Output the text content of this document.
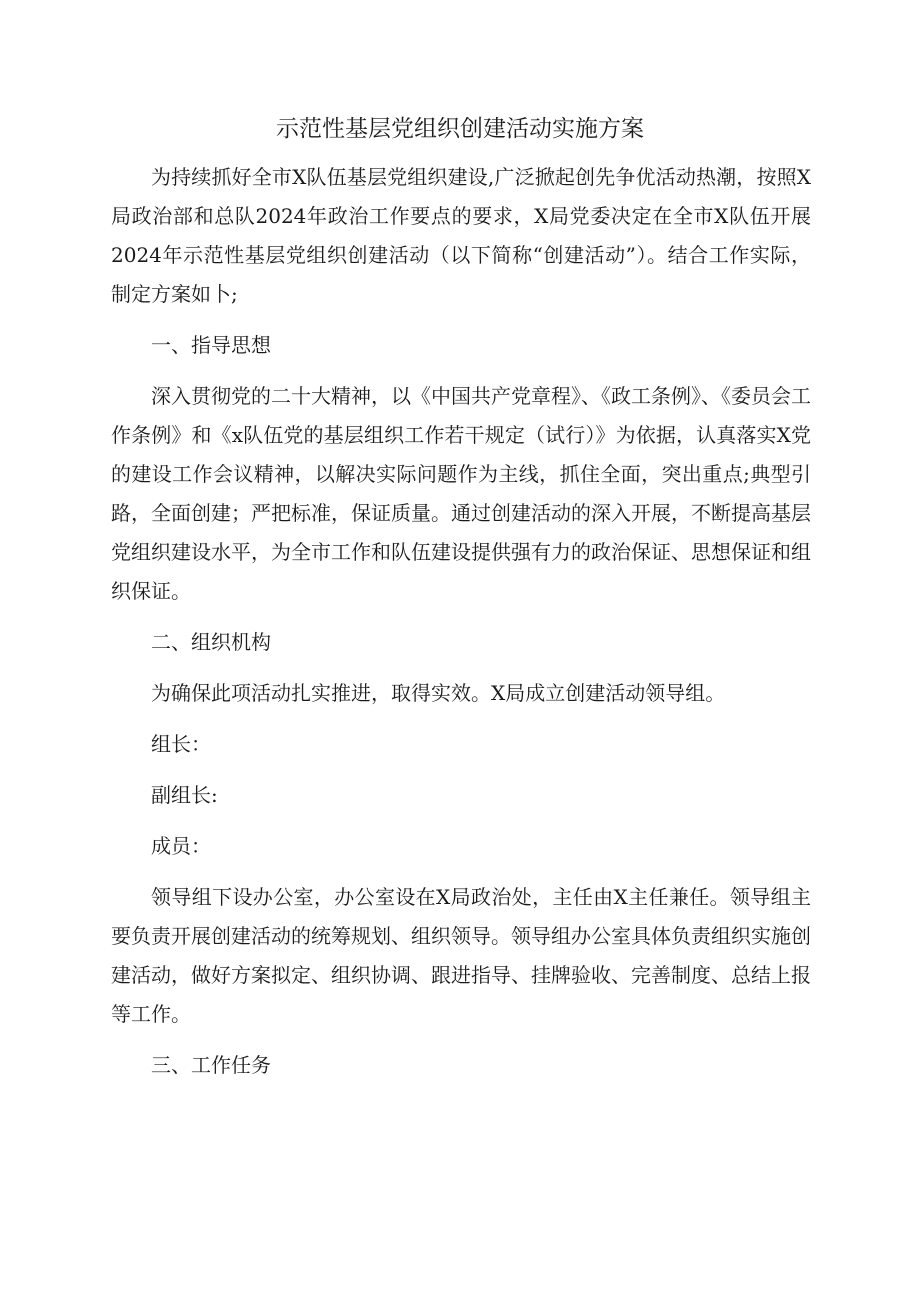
示范性基层党组织创建活动实施方案

为持续抓好全市X队伍基层党组织建设,广泛掀起创先争优活动热潮，按照X局政治部和总队2024年政治工作要点的要求，X局党委决定在全市X队伍开展2024年示范性基层党组织创建活动（以下简称“创建活动”）。结合工作实际，制定方案如卜;

一、指导思想

深入贯彻党的二十大精神，以《中国共产党章程》、《政工条例》、《委员会工作条例》和《x队伍党的基层组织工作若干规定（试行）》为依据，认真落实X党的建设工作会议精神，以解决实际问题作为主线，抓住全面，突出重点;典型引路，全面创建；严把标准，保证质量。通过创建活动的深入开展，不断提高基层党组织建设水平，为全市工作和队伍建设提供强有力的政治保证、思想保证和组织保证。

二、组织机构

为确保此项活动扎实推进，取得实效。X局成立创建活动领导组。

组长：

副组长:

成员：

领导组下设办公室，办公室设在X局政治处，主任由X主任兼任。领导组主要负责开展创建活动的统筹规划、组织领导。领导组办公室具体负责组织实施创建活动，做好方案拟定、组织协调、跟进指导、挂牌验收、完善制度、总结上报等工作。

三、工作任务
